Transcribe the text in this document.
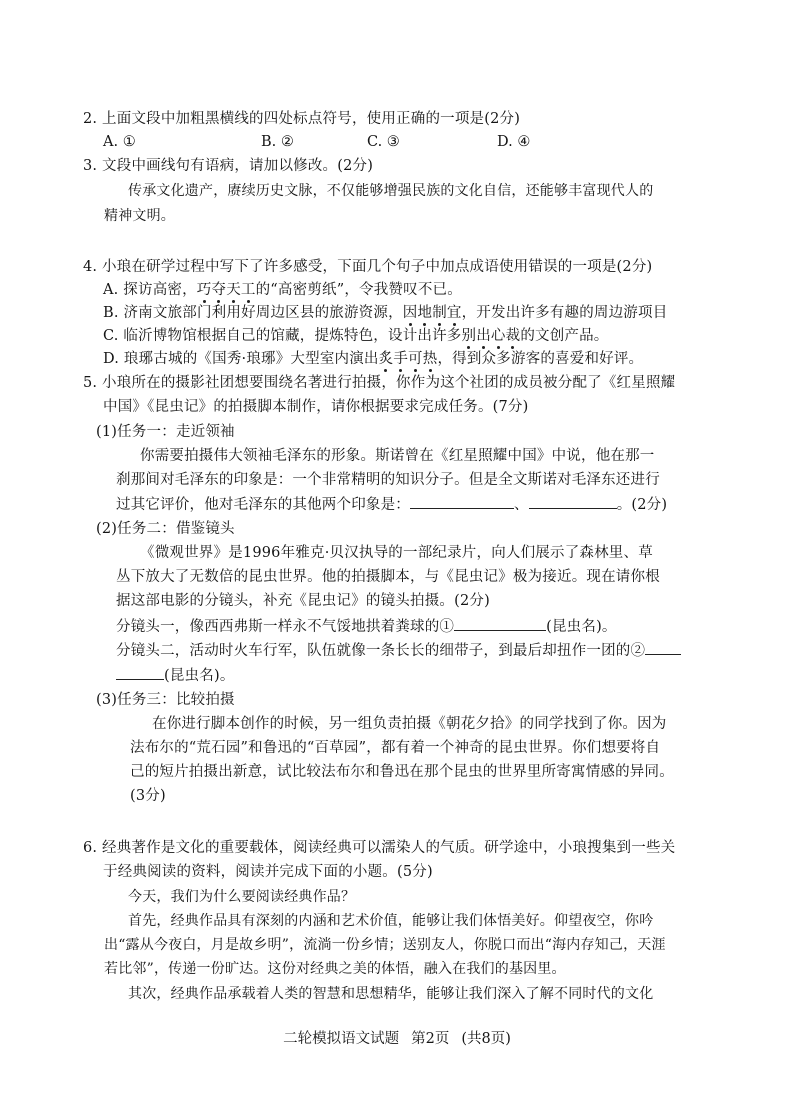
2. 上面文段中加粗黑横线的四处标点符号，使用正确的一项是(2分)
A. ①	B. ②	C. ③	D. ④
3. 文段中画线句有语病，请加以修改。(2分)
传承文化遗产，赓续历史文脉，不仅能够增强民族的文化自信，还能够丰富现代人的
精神文明。
4. 小琅在研学过程中写下了许多感受，下面几个句子中加点成语使用错误的一项是(2分)
A. 探访高密，巧夺天工的“高密剪纸”，令我赞叹不已。
B. 济南文旅部门利用好周边区县的旅游资源，因地制宜，开发出许多有趣的周边游项目
C. 临沂博物馆根据自己的馆藏，提炼特色，设计出许多别出心裁的文创产品。
D. 琅琊古城的《国秀·琅琊》大型室内演出炙手可热，得到众多游客的喜爱和好评。
5. 小琅所在的摄影社团想要围绕名著进行拍摄，你作为这个社团的成员被分配了《红星照耀
中国》《昆虫记》的拍摄脚本制作，请你根据要求完成任务。(7分)
(1)任务一：走近领袖
你需要拍摄伟大领袖毛泽东的形象。斯诺曾在《红星照耀中国》中说，他在那一
刹那间对毛泽东的印象是：一个非常精明的知识分子。但是全文斯诺对毛泽东还进行
过其它评价，他对毛泽东的其他两个印象是：	、	。(2分)
(2)任务二：借鉴镜头
《微观世界》是1996年雅克·贝汉执导的一部纪录片，向人们展示了森林里、草
丛下放大了无数倍的昆虫世界。他的拍摄脚本，与《昆虫记》极为接近。现在请你根
据这部电影的分镜头，补充《昆虫记》的镜头拍摄。(2分)
分镜头一，像西西弗斯一样永不气馁地拱着粪球的①	(昆虫名)。
分镜头二，活动时火车行军，队伍就像一条长长的细带子，到最后却扭作一团的②
(昆虫名)。
(3)任务三：比较拍摄
在你进行脚本创作的时候，另一组负责拍摄《朝花夕拾》的同学找到了你。因为
法布尔的“荒石园”和鲁迅的“百草园”，都有着一个神奇的昆虫世界。你们想要将自
己的短片拍摄出新意，试比较法布尔和鲁迅在那个昆虫的世界里所寄寓情感的异同。
(3分)
6. 经典著作是文化的重要载体，阅读经典可以濡染人的气质。研学途中，小琅搜集到一些关
于经典阅读的资料，阅读并完成下面的小题。(5分)
今天，我们为什么要阅读经典作品？
首先，经典作品具有深刻的内涵和艺术价值，能够让我们体悟美好。仰望夜空，你吟
出“露从今夜白，月是故乡明”，流淌一份乡情；送别友人，你脱口而出“海内存知己，天涯
若比邻”，传递一份旷达。这份对经典之美的体悟，融入在我们的基因里。
其次，经典作品承载着人类的智慧和思想精华，能够让我们深入了解不同时代的文化
二轮模拟语文试题 第2页 (共8页)
